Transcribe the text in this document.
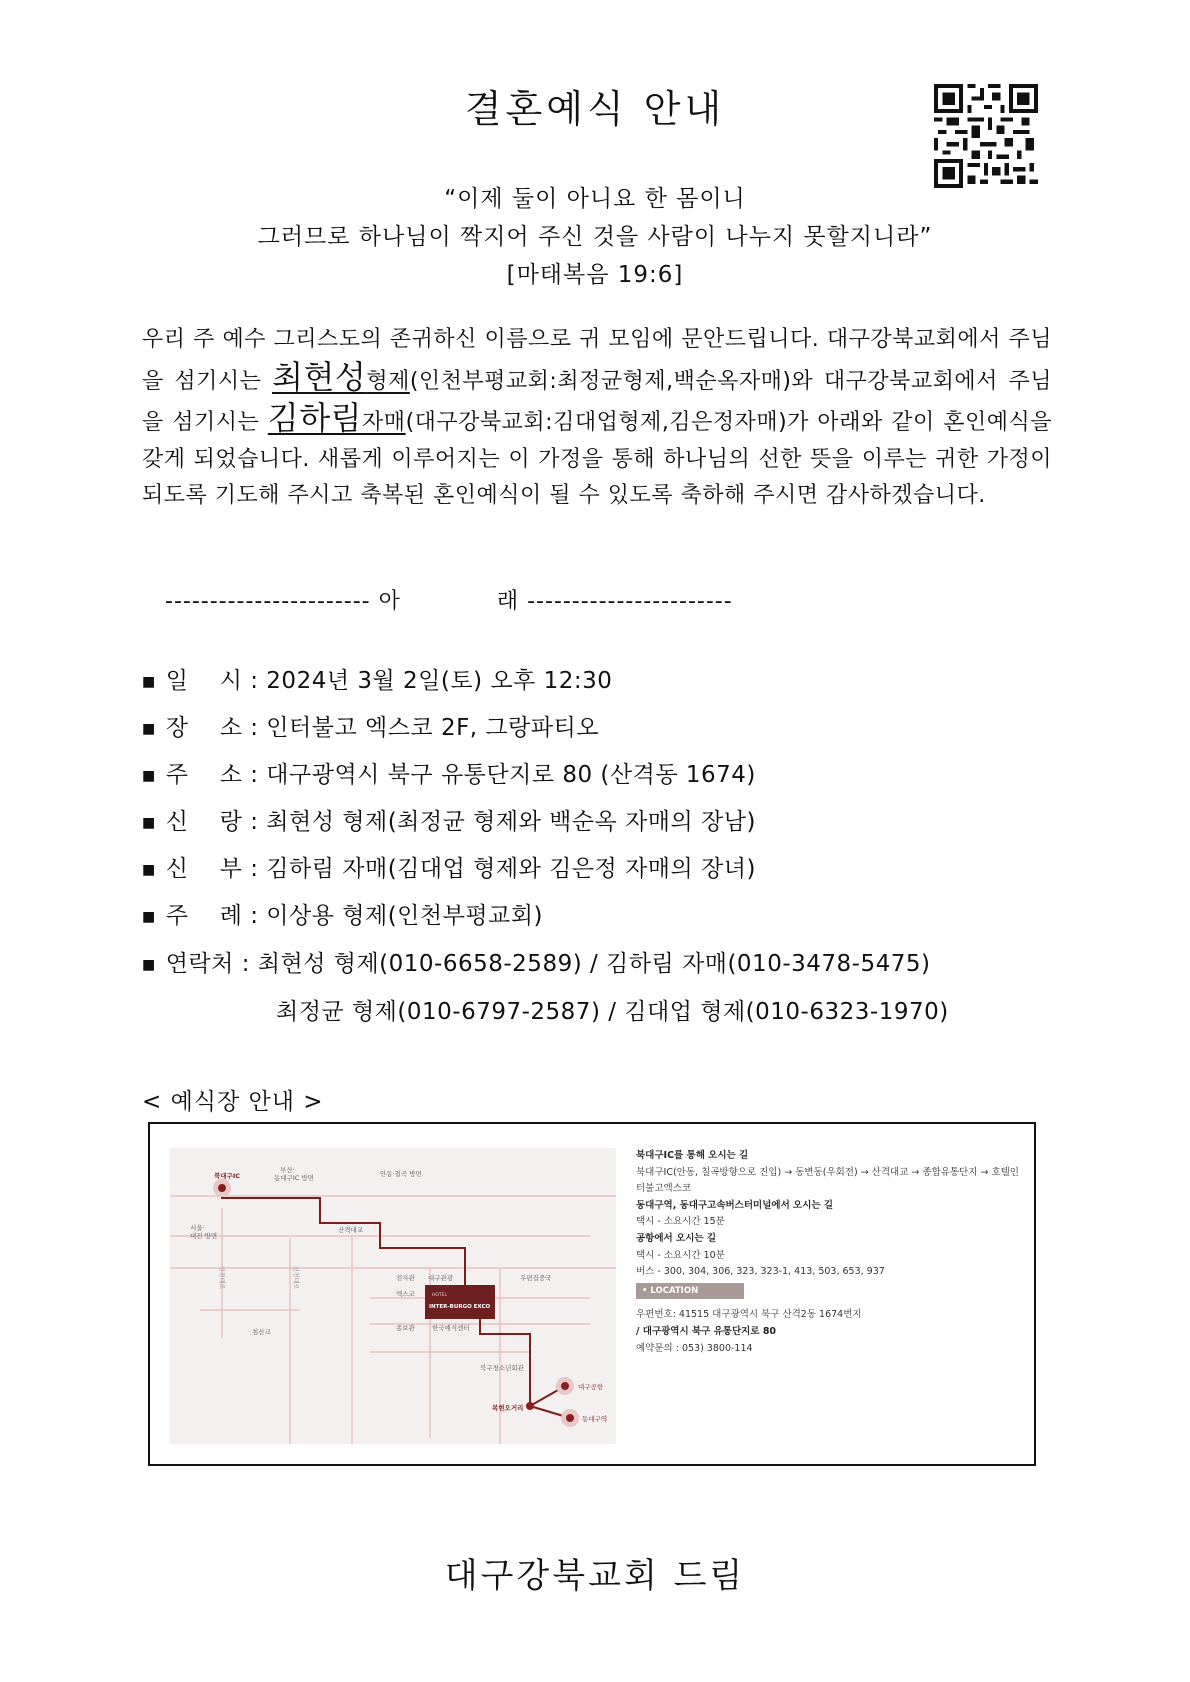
결혼예식 안내
“이제 둘이 아니요 한 몸이니
그러므로 하나님이 짝지어 주신 것을 사람이 나누지 못할지니라”
[마태복음 19:6]
우리 주 예수 그리스도의 존귀하신 이름으로 귀 모임에 문안드립니다. 대구강북교회에서 주님을 섬기시는 최현성형제(인천부평교회:최정균형제,백순옥자매)와 대구강북교회에서 주님을 섬기시는 김하림자매(대구강북교회:김대업형제,김은정자매)가 아래와 같이 혼인예식을 갖게 되었습니다. 새롭게 이루어지는 이 가정을 통해 하나님의 선한 뜻을 이루는 귀한 가정이 되도록 기도해 주시고 축복된 혼인예식이 될 수 있도록 축하해 주시면 감사하겠습니다.
----------------------- 아	래 -----------------------
■ 일    시 : 2024년 3월 2일(토) 오후 12:30
■ 장    소 : 인터불고 엑스코 2F, 그랑파티오
■ 주    소 : 대구광역시 북구 유통단지로 80 (산격동 1674)
■ 신    랑 : 최현성 형제(최정균 형제와 백순옥 자매의 장남)
■ 신    부 : 김하림 자매(김대업 형제와 김은정 자매의 장녀)
■ 주    례 : 이상용 형제(인천부평교회)
■ 연락처 : 최현성 형제(010-6658-2589) / 김하림 자매(010-3478-5475)
최정균 형제(010-6797-2587) / 김대업 형제(010-6323-1970)
< 예식장 안내 >
북대구IC
부산·
동대구IC 방면	안동·칠곡 방면
서울·
대전 방면
산격대교
침산교
전자관 대구관광
엑스코
우편집중국
HOTEL
INTER-BURGO EXCO
종보관	한국예식센터
북구청소년회관
복현오거리
대구공항
동대구역
신천대로	신천대로
북대구IC를 통해 오시는 길
북대구IC(안동, 칠곡방향으로 진입) → 동변동(우회전) → 산격대교 → 종합유통단지 → 호텔인터불고엑스코
동대구역, 동대구고속버스터미널에서 오시는 길
택시 - 소요시간 15분
공항에서 오시는 길
택시 - 소요시간 10분
버스 - 300, 304, 306, 323, 323-1, 413, 503, 653, 937
• LOCATION
우편번호: 41515 대구광역시 북구 산격2동 1674번지
/ 대구광역시 북구 유통단지로 80
예약문의 : 053) 3800-114
대구강북교회 드림
